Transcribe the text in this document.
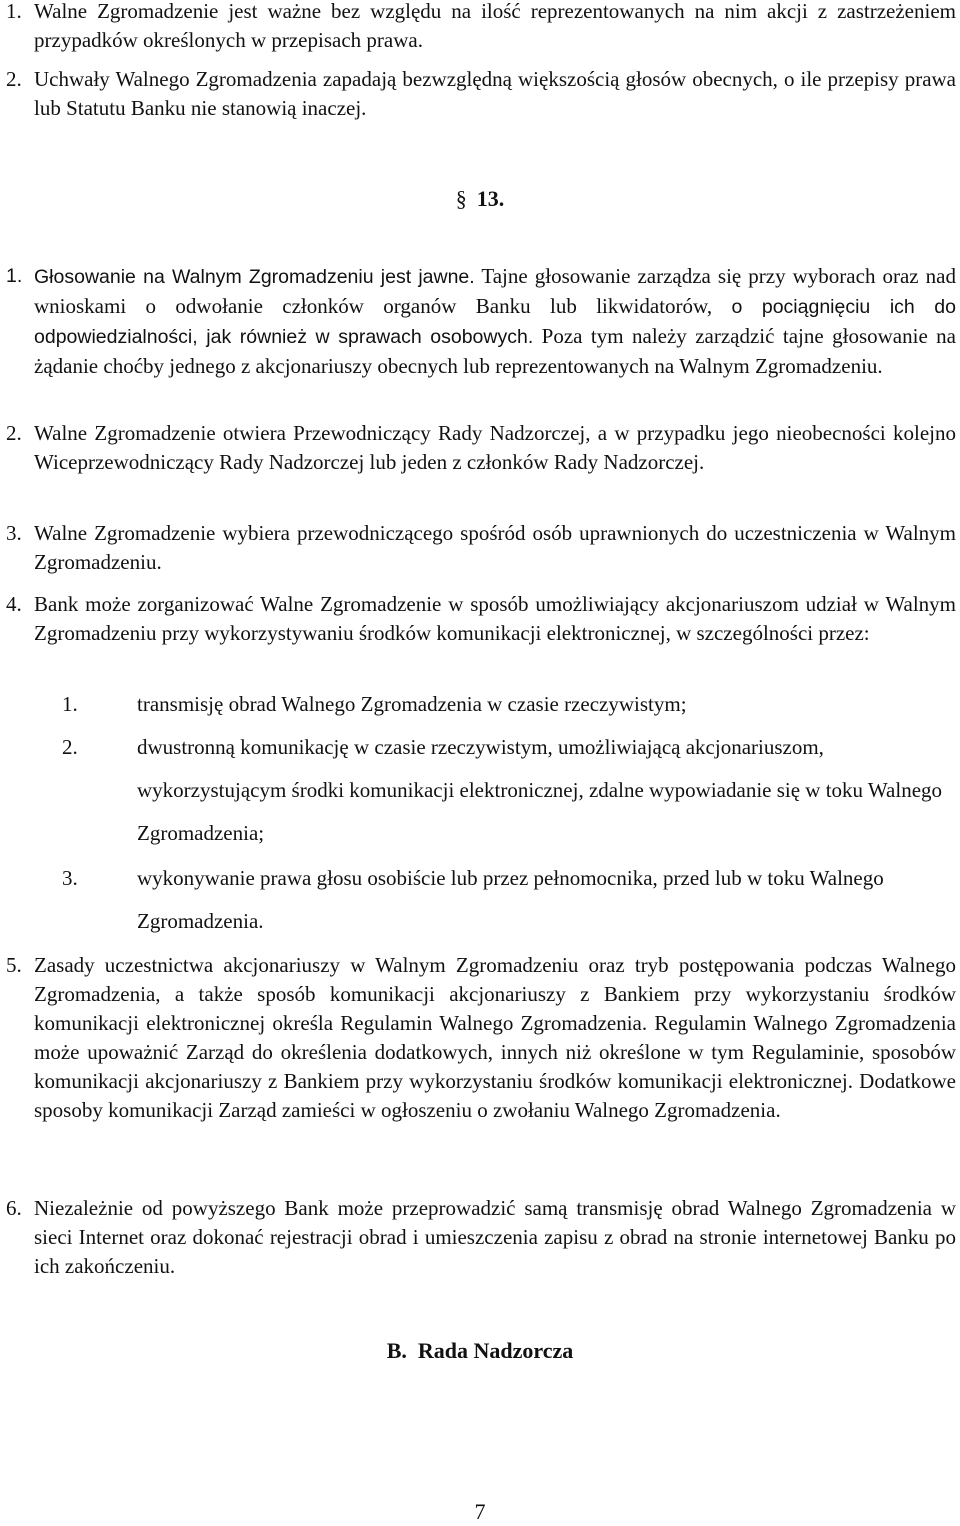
1. Walne Zgromadzenie jest ważne bez względu na ilość reprezentowanych na nim akcji z zastrzeżeniem przypadków określonych w przepisach prawa.
2. Uchwały Walnego Zgromadzenia zapadają bezwzględną większością głosów obecnych, o ile przepisy prawa lub Statutu Banku nie stanowią inaczej.
§ 13.
1. Głosowanie na Walnym Zgromadzeniu jest jawne. Tajne głosowanie zarządza się przy wyborach oraz nad wnioskami o odwołanie członków organów Banku lub likwidatorów, o pociągnięciu ich do odpowiedzialności, jak również w sprawach osobowych. Poza tym należy zarządzić tajne głosowanie na żądanie choćby jednego z akcjonariuszy obecnych lub reprezentowanych na Walnym Zgromadzeniu.
2. Walne Zgromadzenie otwiera Przewodniczący Rady Nadzorczej, a w przypadku jego nieobecności kolejno Wiceprzewodniczący Rady Nadzorczej lub jeden z członków Rady Nadzorczej.
3. Walne Zgromadzenie wybiera przewodniczącego spośród osób uprawnionych do uczestniczenia w Walnym Zgromadzeniu.
4. Bank może zorganizować Walne Zgromadzenie w sposób umożliwiający akcjonariuszom udział w Walnym Zgromadzeniu przy wykorzystywaniu środków komunikacji elektronicznej, w szczególności przez:
1.	transmisję obrad Walnego Zgromadzenia w czasie rzeczywistym;
2.	dwustronną komunikację w czasie rzeczywistym, umożliwiającą akcjonariuszom, wykorzystującym środki komunikacji elektronicznej, zdalne wypowiadanie się w toku Walnego Zgromadzenia;
3.	wykonywanie prawa głosu osobiście lub przez pełnomocnika, przed lub w toku Walnego Zgromadzenia.
5. Zasady uczestnictwa akcjonariuszy w Walnym Zgromadzeniu oraz tryb postępowania podczas Walnego Zgromadzenia, a także sposób komunikacji akcjonariuszy z Bankiem przy wykorzystaniu środków komunikacji elektronicznej określa Regulamin Walnego Zgromadzenia. Regulamin Walnego Zgromadzenia może upoważnić Zarząd do określenia dodatkowych, innych niż określone w tym Regulaminie, sposobów komunikacji akcjonariuszy z Bankiem przy wykorzystaniu środków komunikacji elektronicznej. Dodatkowe sposoby komunikacji Zarząd zamieści w ogłoszeniu o zwołaniu Walnego Zgromadzenia.
6. Niezależnie od powyższego Bank może przeprowadzić samą transmisję obrad Walnego Zgromadzenia w sieci Internet oraz dokonać rejestracji obrad i umieszczenia zapisu z obrad na stronie internetowej Banku po ich zakończeniu.
B.  Rada Nadzorcza
7
